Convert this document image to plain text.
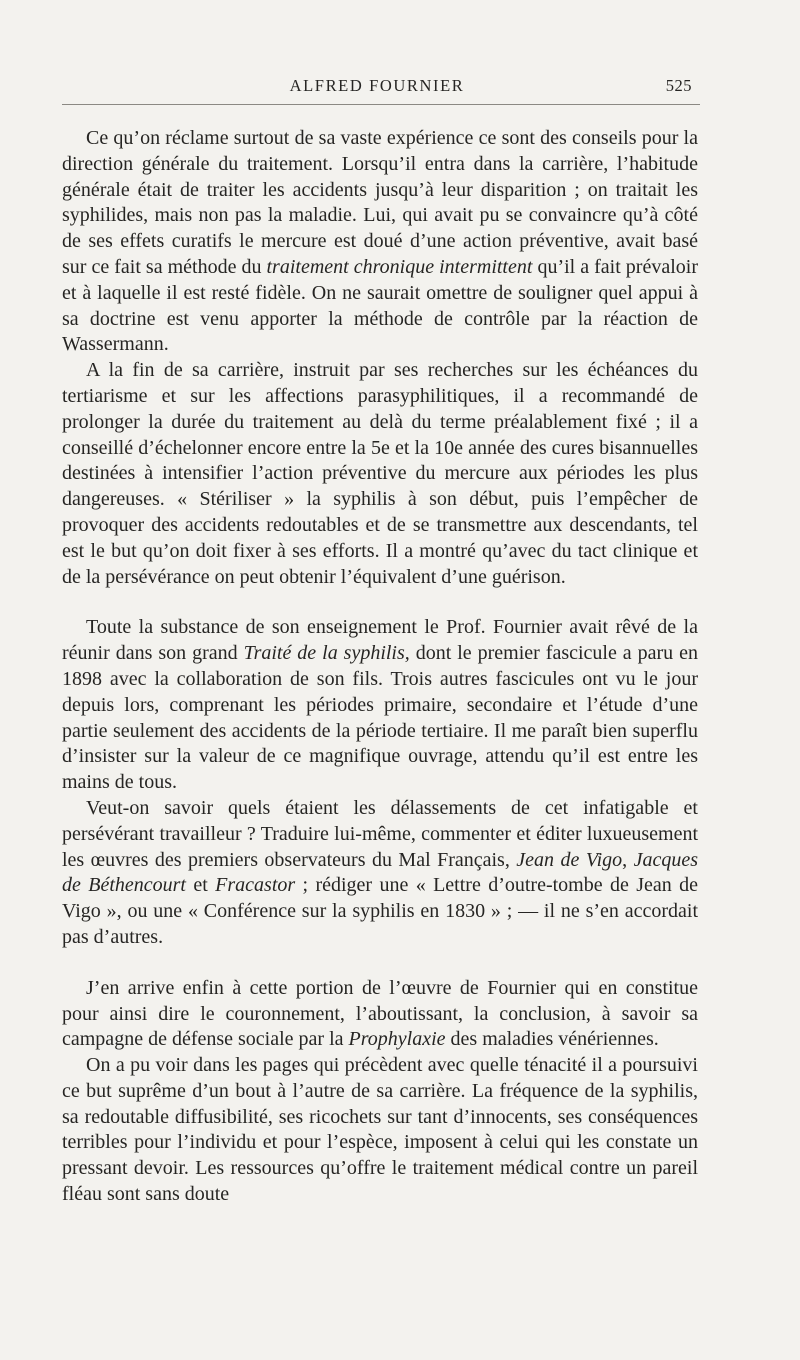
ALFRED FOURNIER	525

Ce qu’on réclame surtout de sa vaste expérience ce sont des conseils pour la direction générale du traitement. Lorsqu’il entra dans la carrière, l’habitude générale était de traiter les accidents jusqu’à leur disparition ; on traitait les syphilides, mais non pas la maladie. Lui, qui avait pu se convaincre qu’à côté de ses effets curatifs le mercure est doué d’une action préventive, avait basé sur ce fait sa méthode du traitement chronique intermittent qu’il a fait prévaloir et à laquelle il est resté fidèle. On ne saurait omettre de souligner quel appui à sa doctrine est venu apporter la méthode de contrôle par la réaction de Wassermann.

A la fin de sa carrière, instruit par ses recherches sur les échéances du tertiarisme et sur les affections parasyphilitiques, il a recommandé de prolonger la durée du traitement au delà du terme préalablement fixé ; il a conseillé d’échelonner encore entre la 5e et la 10e année des cures bisannuelles destinées à intensifier l’action préventive du mercure aux périodes les plus dangereuses. « Stériliser » la syphilis à son début, puis l’empêcher de provoquer des accidents redoutables et de se transmettre aux descendants, tel est le but qu’on doit fixer à ses efforts. Il a montré qu’avec du tact clinique et de la persévérance on peut obtenir l’équivalent d’une guérison.

Toute la substance de son enseignement le Prof. Fournier avait rêvé de la réunir dans son grand Traité de la syphilis, dont le premier fascicule a paru en 1898 avec la collaboration de son fils. Trois autres fascicules ont vu le jour depuis lors, comprenant les périodes primaire, secondaire et l’étude d’une partie seulement des accidents de la période tertiaire. Il me paraît bien superflu d’insister sur la valeur de ce magnifique ouvrage, attendu qu’il est entre les mains de tous.

Veut-on savoir quels étaient les délassements de cet infatigable et persévérant travailleur ? Traduire lui-même, commenter et éditer luxueusement les œuvres des premiers observateurs du Mal Français, Jean de Vigo, Jacques de Béthencourt et Fracastor ; rédiger une « Lettre d’outre-tombe de Jean de Vigo », ou une « Conférence sur la syphilis en 1830 » ; — il ne s’en accordait pas d’autres.

J’en arrive enfin à cette portion de l’œuvre de Fournier qui en constitue pour ainsi dire le couronnement, l’aboutissant, la conclusion, à savoir sa campagne de défense sociale par la Prophylaxie des maladies vénériennes.

On a pu voir dans les pages qui précèdent avec quelle ténacité il a poursuivi ce but suprême d’un bout à l’autre de sa carrière. La fréquence de la syphilis, sa redoutable diffusibilité, ses ricochets sur tant d’innocents, ses conséquences terribles pour l’individu et pour l’espèce, imposent à celui qui les constate un pressant devoir. Les ressources qu’offre le traitement médical contre un pareil fléau sont sans doute
